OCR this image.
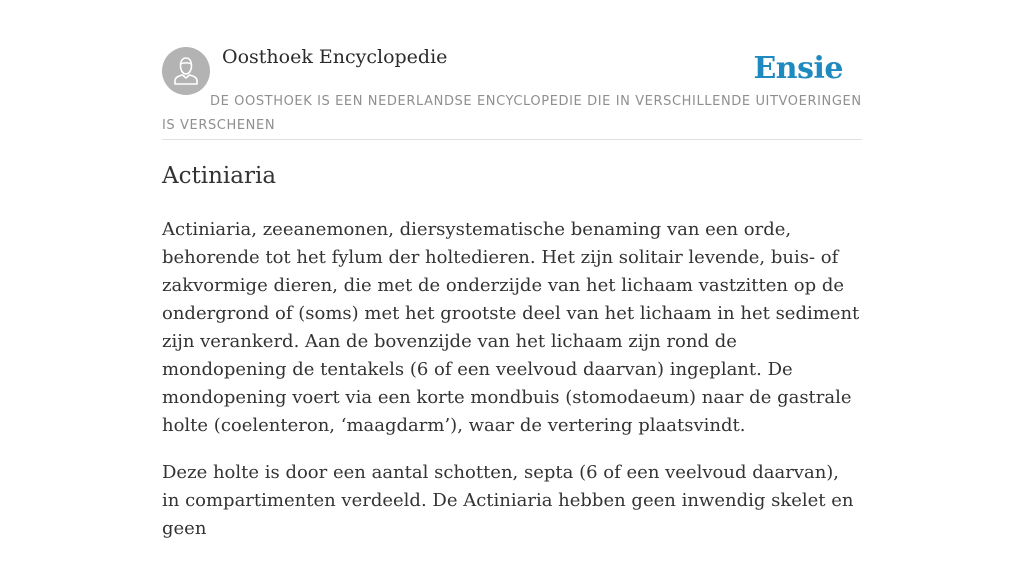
Oosthoek Encyclopedie	Ensie

DE OOSTHOEK IS EEN NEDERLANDSE ENCYCLOPEDIE DIE IN VERSCHILLENDE UITVOERINGEN IS VERSCHENEN

Actiniaria

Actiniaria, zeeanemonen, diersystematische benaming van een orde, behorende tot het fylum der holtedieren. Het zijn solitair levende, buis- of zakvormige dieren, die met de onderzijde van het lichaam vastzitten op de ondergrond of (soms) met het grootste deel van het lichaam in het sediment zijn verankerd. Aan de bovenzijde van het lichaam zijn rond de mondopening de tentakels (6 of een veelvoud daarvan) ingeplant. De mondopening voert via een korte mondbuis (stomodaeum) naar de gastrale holte (coelenteron, ‘maagdarm’), waar de vertering plaatsvindt.

Deze holte is door een aantal schotten, septa (6 of een veelvoud daarvan), in compartimenten verdeeld. De Actiniaria hebben geen inwendig skelet en geen
